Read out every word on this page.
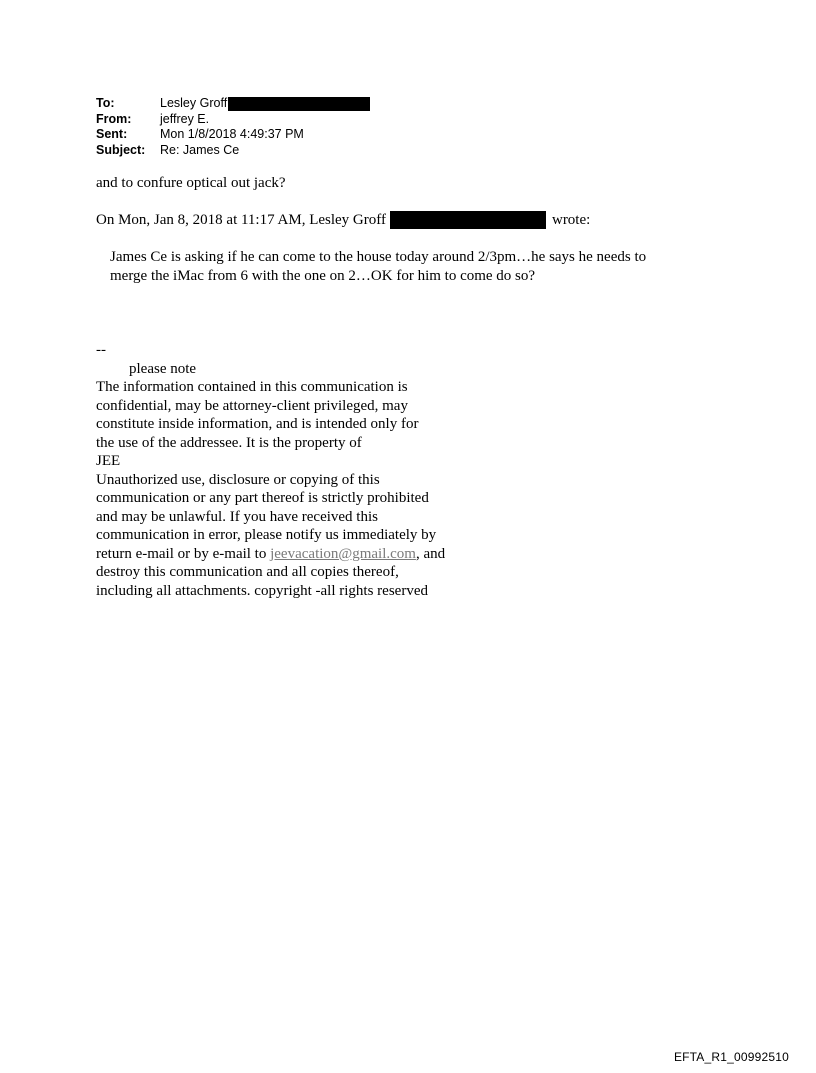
To:	Lesley Groff
From:	jeffrey E.
Sent:	Mon 1/8/2018 4:49:37 PM
Subject:	Re: James Ce
and to confure optical out jack?
On Mon, Jan 8, 2018 at 11:17 AM, Lesley Groff	wrote:

James Ce is asking if he can come to the house today around 2/3pm…he says he needs to

merge the iMac from 6 with the one on 2…OK for him to come do so?

--
please note
The information contained in this communication is
confidential, may be attorney-client privileged, may
constitute inside information, and is intended only for
the use of the addressee. It is the property of
JEE
Unauthorized use, disclosure or copying of this
communication or any part thereof is strictly prohibited
and may be unlawful. If you have received this
communication in error, please notify us immediately by
return e-mail or by e-mail to jeevacation@gmail.com, and
destroy this communication and all copies thereof,
including all attachments. copyright -all rights reserved
EFTA_R1_00992510
